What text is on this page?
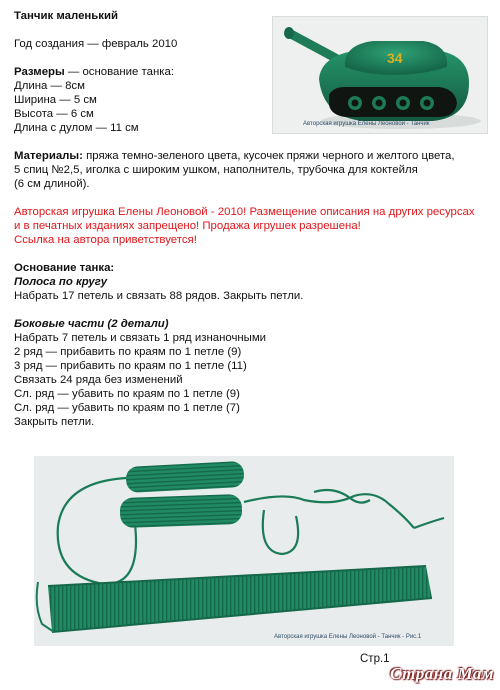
Танчик маленький
Год создания — февраль 2010
Размеры — основание танка:
Длина — 8см
Ширина — 5 см
Высота — 6 см
Длина с дулом — 11 см
Материалы: пряжа темно-зеленого цвета, кусочек пряжи черного и желтого цвета,
5 спиц №2,5, иголка с широким ушком, наполнитель, трубочка для коктейля
(6 см длиной).
Авторская игрушка Елены Леоновой - 2010! Размещение описания на других ресурсах
и в печатных изданиях запрещено! Продажа игрушек разрешена!
Ссылка на автора приветствуется!
Основание танка:
Полоса по кругу
Набрать 17 петель и связать 88 рядов. Закрыть петли.
Боковые части (2 детали)
Набрать 7 петель и связать 1 ряд изнаночными
2 ряд — прибавить по краям по 1 петле (9)
3 ряд — прибавить по краям по 1 петле (11)
Связать 24 ряда без изменений
Сл. ряд — убавить по краям по 1 петле (9)
Сл. ряд — убавить по краям по 1 петле (7)
Закрыть петли.
34
Авторская игрушка Елены Леоновой - Танчик
Авторская игрушка Елены Леоновой - Танчик - Рис.1
Стр.1
Страна Мам
